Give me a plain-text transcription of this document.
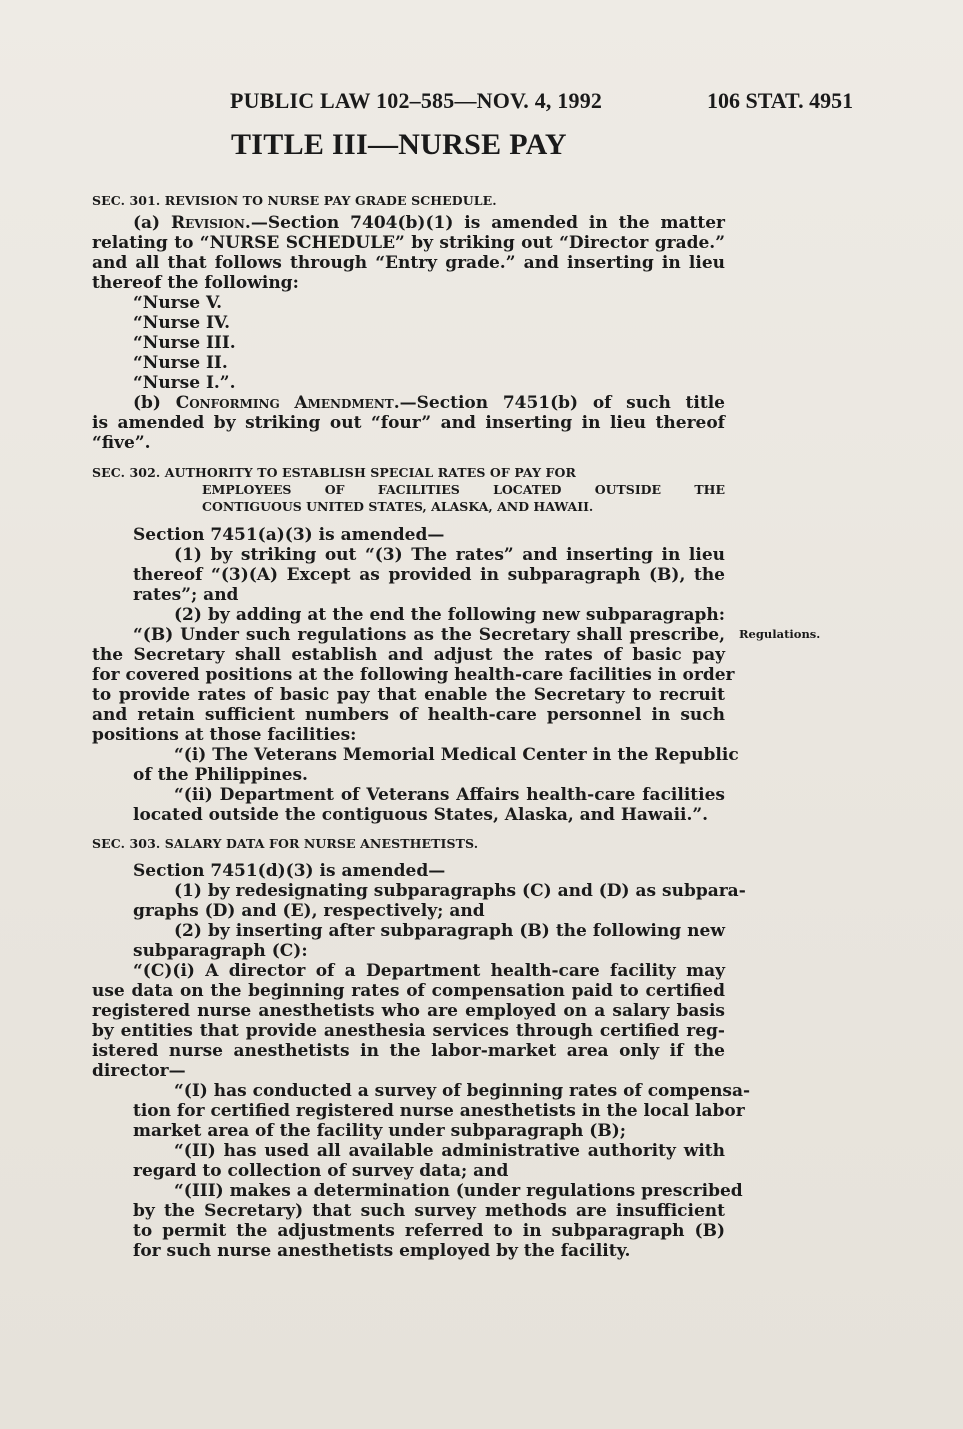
PUBLIC LAW 102–585—NOV. 4, 1992	106 STAT. 4951
TITLE III—NURSE PAY
SEC. 301. REVISION TO NURSE PAY GRADE SCHEDULE.
(a) Revision.—Section 7404(b)(1) is amended in the matter
relating to “NURSE SCHEDULE” by striking out “Director grade.”
and all that follows through “Entry grade.” and inserting in lieu
thereof the following:
“Nurse V.
“Nurse IV.
“Nurse III.
“Nurse II.
“Nurse I.”.
(b) Conforming Amendment.—Section 7451(b) of such title
is amended by striking out “four” and inserting in lieu thereof
“five”.
SEC. 302. AUTHORITY TO ESTABLISH SPECIAL RATES OF PAY FOR
EMPLOYEES OF FACILITIES LOCATED OUTSIDE THE
CONTIGUOUS UNITED STATES, ALASKA, AND HAWAII.
Section 7451(a)(3) is amended—
(1) by striking out “(3) The rates” and inserting in lieu
thereof “(3)(A) Except as provided in subparagraph (B), the
rates”; and
(2) by adding at the end the following new subparagraph:
“(B) Under such regulations as the Secretary shall prescribe, Regulations.
the Secretary shall establish and adjust the rates of basic pay
for covered positions at the following health-care facilities in order
to provide rates of basic pay that enable the Secretary to recruit
and retain sufficient numbers of health-care personnel in such
positions at those facilities:
“(i) The Veterans Memorial Medical Center in the Republic
of the Philippines.
“(ii) Department of Veterans Affairs health-care facilities
located outside the contiguous States, Alaska, and Hawaii.”.
SEC. 303. SALARY DATA FOR NURSE ANESTHETISTS.
Section 7451(d)(3) is amended—
(1) by redesignating subparagraphs (C) and (D) as subpara-
graphs (D) and (E), respectively; and
(2) by inserting after subparagraph (B) the following new
subparagraph (C):
“(C)(i) A director of a Department health-care facility may
use data on the beginning rates of compensation paid to certified
registered nurse anesthetists who are employed on a salary basis
by entities that provide anesthesia services through certified reg-
istered nurse anesthetists in the labor-market area only if the
director—
“(I) has conducted a survey of beginning rates of compensa-
tion for certified registered nurse anesthetists in the local labor
market area of the facility under subparagraph (B);
“(II) has used all available administrative authority with
regard to collection of survey data; and
“(III) makes a determination (under regulations prescribed
by the Secretary) that such survey methods are insufficient
to permit the adjustments referred to in subparagraph (B)
for such nurse anesthetists employed by the facility.
